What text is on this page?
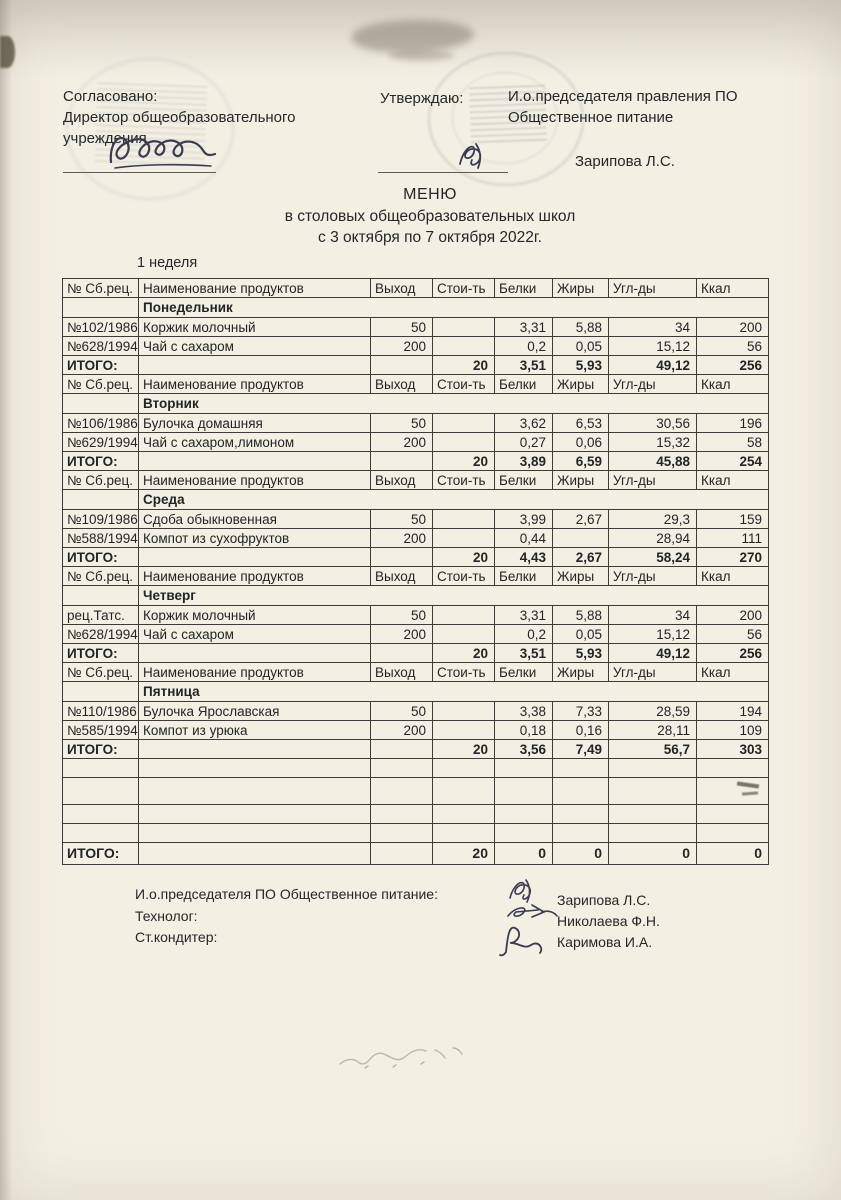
Согласовано:
Директор общеобразовательного
учреждения
Утверждаю:	И.о.председателя правления ПО
Общественное питание
Зарипова Л.С.
МЕНЮ
в столовых общеобразовательных школ
с 3 октября по 7 октября 2022г.
1 неделя
№ Сб.рец.	Наименование продуктов	Выход	Стои-ть	Белки	Жиры	Угл-ды	Ккал
	Понедельник						
№102/1986	Коржик молочный	50		3,31	5,88	34	200
№628/1994	Чай с сахаром	200		0,2	0,05	15,12	56
ИТОГО:			20	3,51	5,93	49,12	256
№ Сб.рец.	Наименование продуктов	Выход	Стои-ть	Белки	Жиры	Угл-ды	Ккал
	Вторник						
№106/1986	Булочка домашняя	50		3,62	6,53	30,56	196
№629/1994	Чай с сахаром,лимоном	200		0,27	0,06	15,32	58
ИТОГО:			20	3,89	6,59	45,88	254
№ Сб.рец.	Наименование продуктов	Выход	Стои-ть	Белки	Жиры	Угл-ды	Ккал
	Среда						
№109/1986	Сдоба обыкновенная	50		3,99	2,67	29,3	159
№588/1994	Компот из сухофруктов	200		0,44		28,94	111
ИТОГО:			20	4,43	2,67	58,24	270
№ Сб.рец.	Наименование продуктов	Выход	Стои-ть	Белки	Жиры	Угл-ды	Ккал
	Четверг						
рец.Татс.	Коржик молочный	50		3,31	5,88	34	200
№628/1994	Чай с сахаром	200		0,2	0,05	15,12	56
ИТОГО:			20	3,51	5,93	49,12	256
№ Сб.рец.	Наименование продуктов	Выход	Стои-ть	Белки	Жиры	Угл-ды	Ккал
	Пятница						
№110/1986	Булочка Ярославская	50		3,38	7,33	28,59	194
№585/1994	Компот из урюка	200		0,18	0,16	28,11	109
ИТОГО:			20	3,56	7,49	56,7	303

ИТОГО:			20	0	0	0	0
И.о.председателя ПО Общественное питание:
Технолог:
Ст.кондитер:
Зарипова Л.С.
Николаева Ф.Н.
Каримова И.А.
